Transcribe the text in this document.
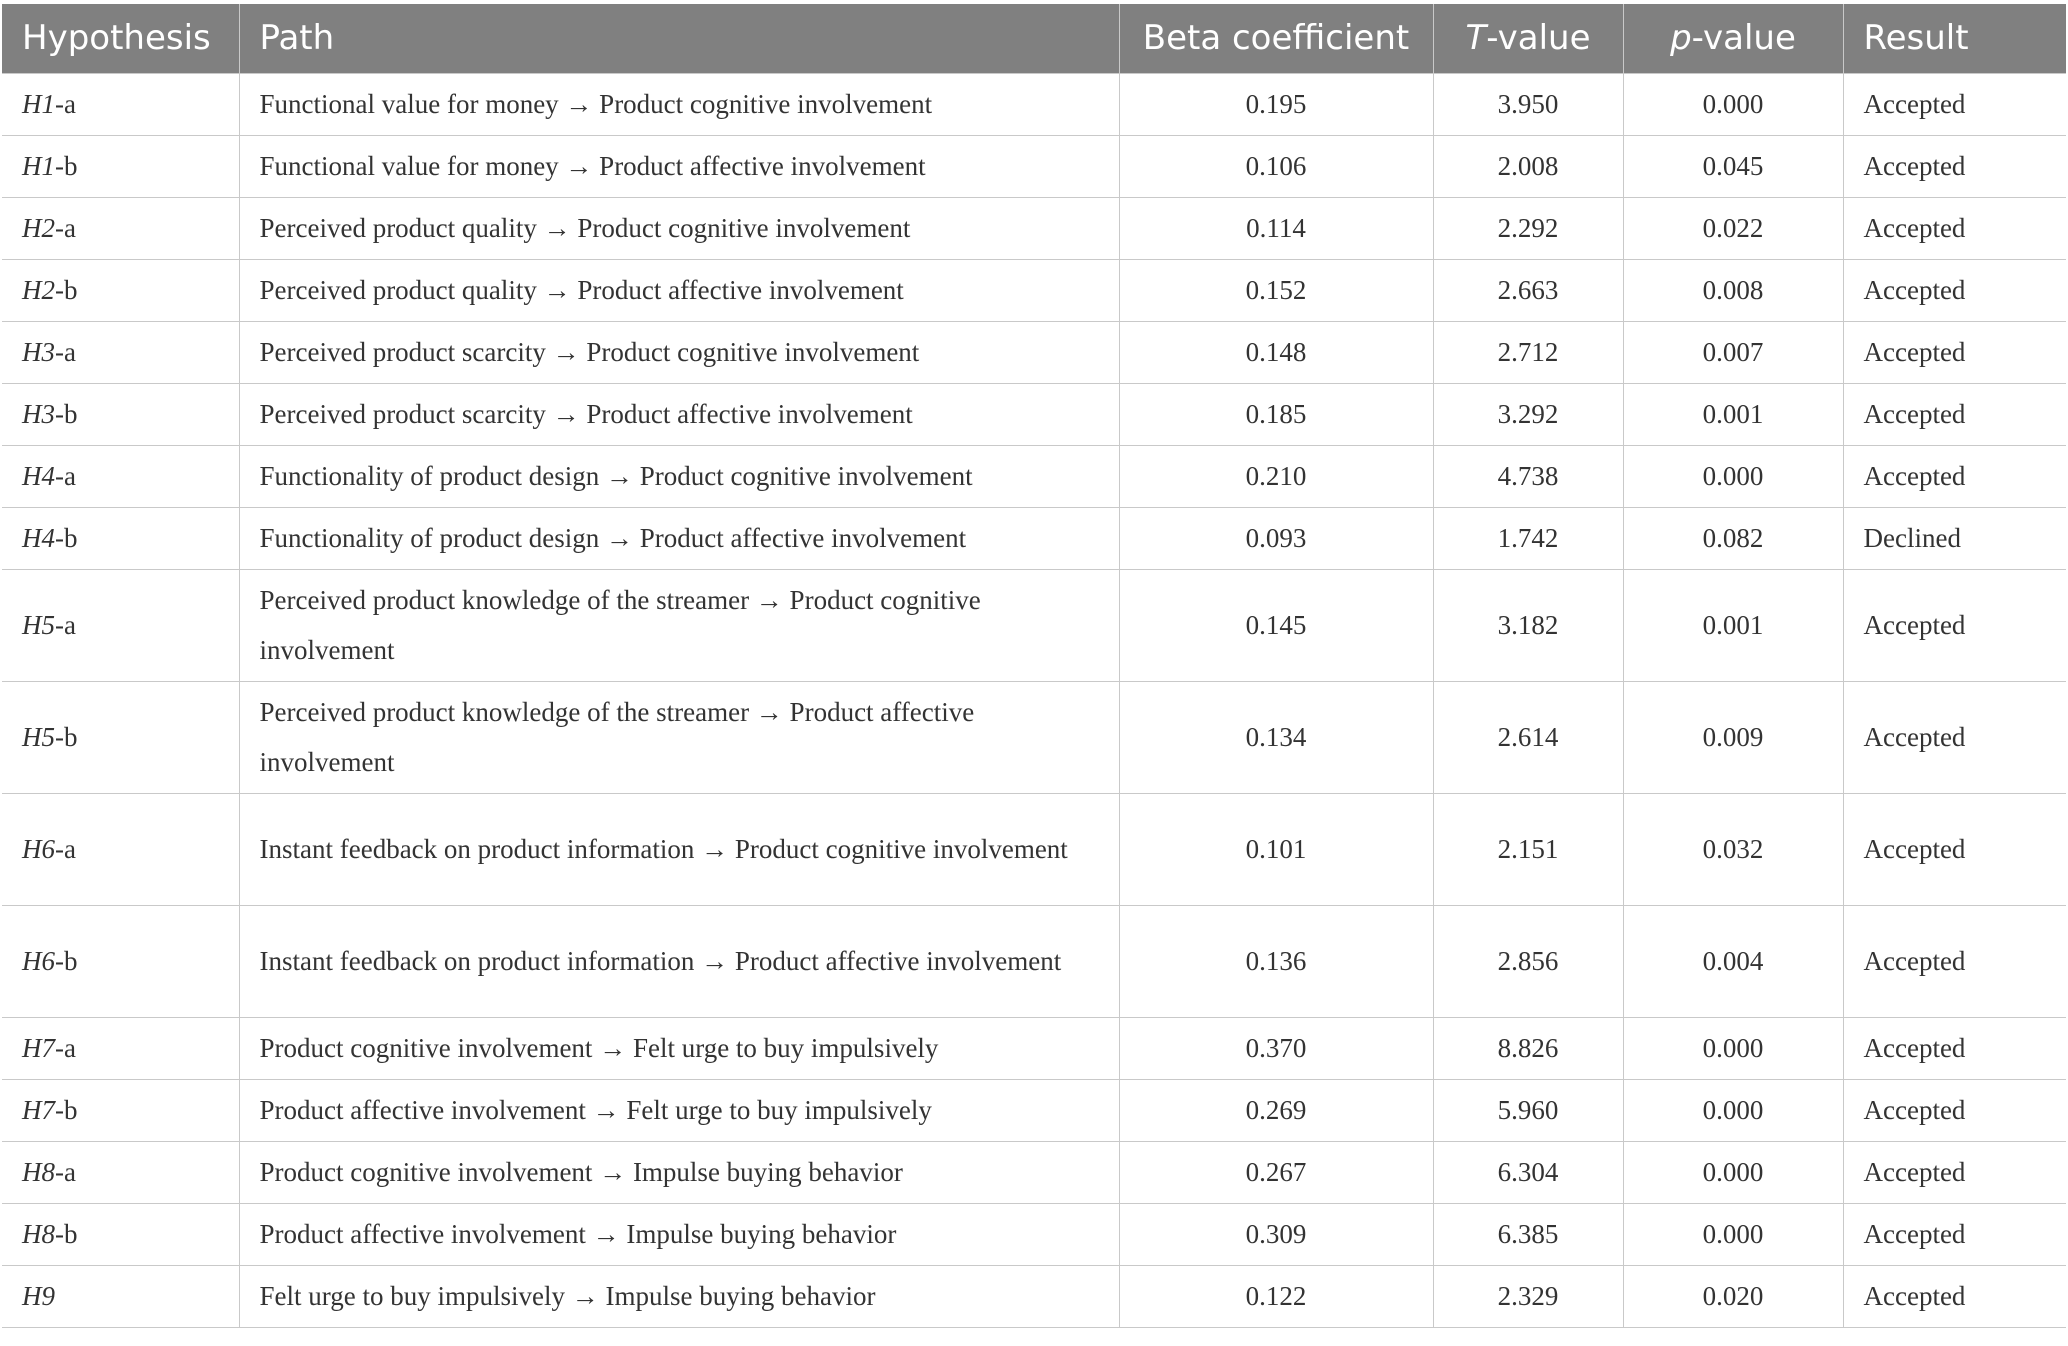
Hypothesis	Path	Beta coefficient	T-value	p-value	Result
H1-a	Functional value for money → Product cognitive involvement	0.195	3.950	0.000	Accepted
H1-b	Functional value for money → Product affective involvement	0.106	2.008	0.045	Accepted
H2-a	Perceived product quality → Product cognitive involvement	0.114	2.292	0.022	Accepted
H2-b	Perceived product quality → Product affective involvement	0.152	2.663	0.008	Accepted
H3-a	Perceived product scarcity → Product cognitive involvement	0.148	2.712	0.007	Accepted
H3-b	Perceived product scarcity → Product affective involvement	0.185	3.292	0.001	Accepted
H4-a	Functionality of product design → Product cognitive involvement	0.210	4.738	0.000	Accepted
H4-b	Functionality of product design → Product affective involvement	0.093	1.742	0.082	Declined
H5-a	Perceived product knowledge of the streamer → Product cognitive involvement	0.145	3.182	0.001	Accepted
H5-b	Perceived product knowledge of the streamer → Product affective involvement	0.134	2.614	0.009	Accepted
H6-a	Instant feedback on product information → Product cognitive involvement	0.101	2.151	0.032	Accepted
H6-b	Instant feedback on product information → Product affective involvement	0.136	2.856	0.004	Accepted
H7-a	Product cognitive involvement → Felt urge to buy impulsively	0.370	8.826	0.000	Accepted
H7-b	Product affective involvement → Felt urge to buy impulsively	0.269	5.960	0.000	Accepted
H8-a	Product cognitive involvement → Impulse buying behavior	0.267	6.304	0.000	Accepted
H8-b	Product affective involvement → Impulse buying behavior	0.309	6.385	0.000	Accepted
H9	Felt urge to buy impulsively → Impulse buying behavior	0.122	2.329	0.020	Accepted
